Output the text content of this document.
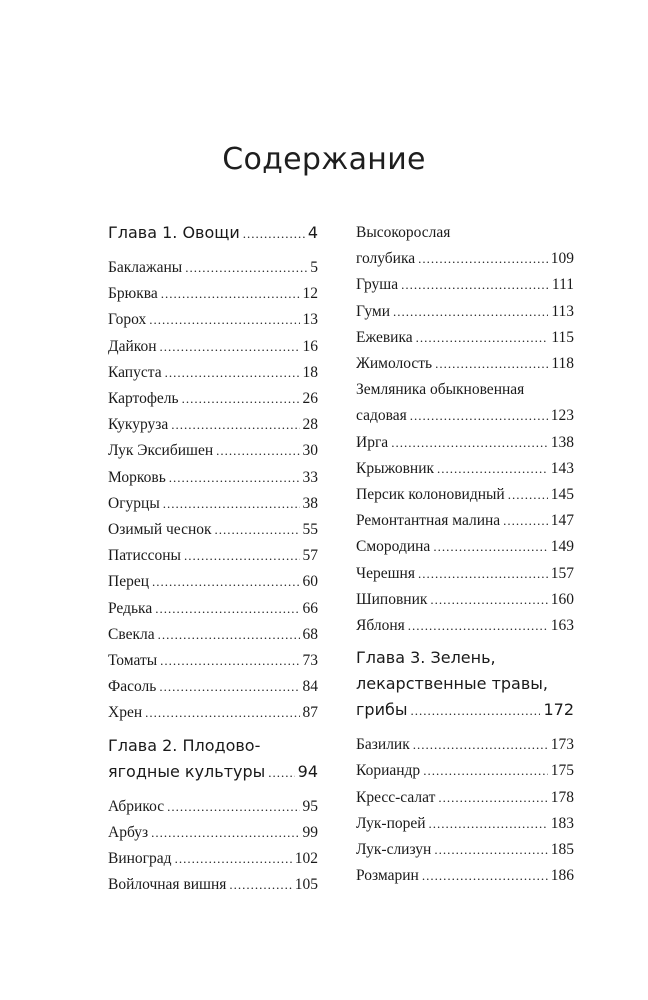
Содержание
Глава 1. Овощи .....	4
Баклажаны .....	5
Брюква .....	12
Горох .....	13
Дайкон .....	16
Капуста .....	18
Картофель .....	26
Кукуруза .....	28
Лук Эксибишен .....	30
Морковь .....	33
Огурцы .....	38
Озимый чеснок .....	55
Патиссоны .....	57
Перец .....	60
Редька .....	66
Свекла .....	68
Томаты .....	73
Фасоль .....	84
Хрен .....	87
Глава 2. Плодово-
ягодные культуры ..... 94
Абрикос .....	95
Арбуз .....	99
Виноград .....	102
Войлочная вишня .....	105
Высокорослая
голубика .....	109
Груша .....	111
Гуми .....	113
Ежевика .....	115
Жимолость .....	118
Земляника обыкновенная
садовая .....	123
Ирга .....	138
Крыжовник .....	143
Персик колоновидный .....	145
Ремонтантная малина .....	147
Смородина .....	149
Черешня .....	157
Шиповник .....	160
Яблоня .....	163
Глава 3. Зелень,
лекарственные травы,
грибы .....	172
Базилик .....	173
Кориандр .....	175
Кресс-салат .....	178
Лук-порей .....	183
Лук-слизун .....	185
Розмарин .....	186
